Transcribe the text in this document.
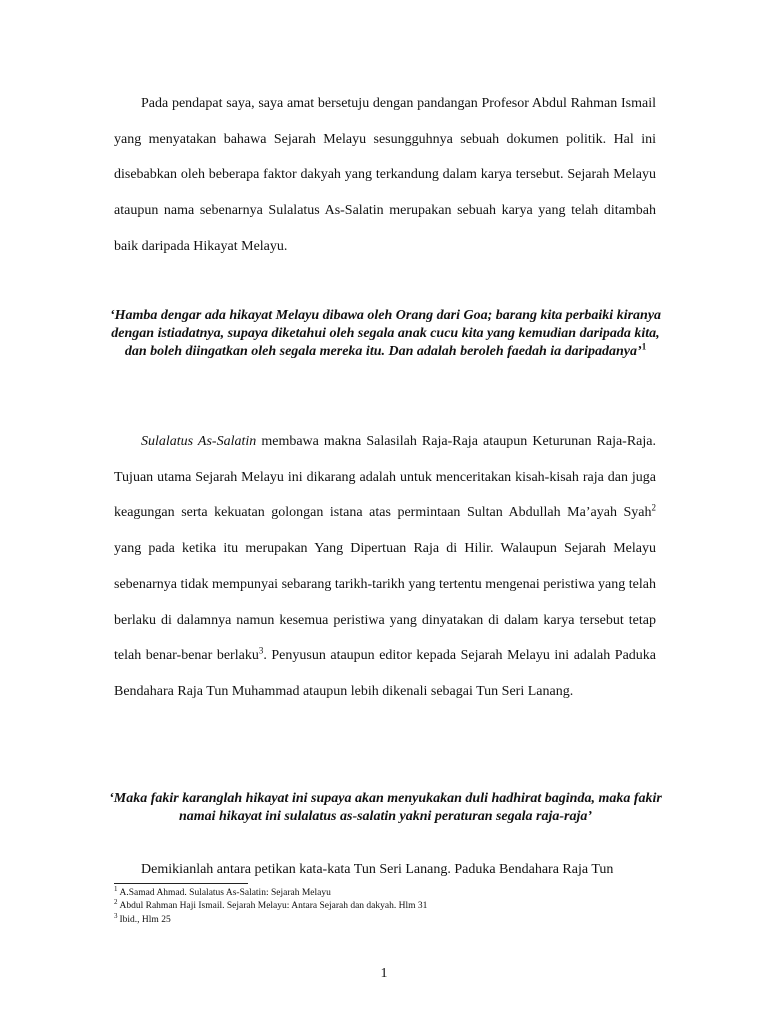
Pada pendapat saya, saya amat bersetuju dengan pandangan Profesor Abdul Rahman Ismail yang menyatakan bahawa Sejarah Melayu sesungguhnya sebuah dokumen politik. Hal ini disebabkan oleh beberapa faktor dakyah yang terkandung dalam karya tersebut. Sejarah Melayu ataupun nama sebenarnya Sulalatus As-Salatin merupakan sebuah karya yang telah ditambah baik daripada Hikayat Melayu.

‘Hamba dengar ada hikayat Melayu dibawa oleh Orang dari Goa; barang kita perbaiki kiranya dengan istiadatnya, supaya diketahui oleh segala anak cucu kita yang kemudian daripada kita, dan boleh diingatkan oleh segala mereka itu. Dan adalah beroleh faedah ia daripadanya’$^1$

Sulalatus As-Salatin membawa makna Salasilah Raja-Raja ataupun Keturunan Raja-Raja. Tujuan utama Sejarah Melayu ini dikarang adalah untuk menceritakan kisah-kisah raja dan juga keagungan serta kekuatan golongan istana atas permintaan Sultan Abdullah Ma’ayah Syah$^2$ yang pada ketika itu merupakan Yang Dipertuan Raja di Hilir. Walaupun Sejarah Melayu sebenarnya tidak mempunyai sebarang tarikh-tarikh yang tertentu mengenai peristiwa yang telah berlaku di dalamnya namun kesemua peristiwa yang dinyatakan di dalam karya tersebut tetap telah benar-benar berlaku$^3$. Penyusun ataupun editor kepada Sejarah Melayu ini adalah Paduka Bendahara Raja Tun Muhammad ataupun lebih dikenali sebagai Tun Seri Lanang.

‘Maka fakir karanglah hikayat ini supaya akan menyukakan duli hadhirat baginda, maka fakir namai hikayat ini sulalatus as-salatin yakni peraturan segala raja-raja’

Demikianlah antara petikan kata-kata Tun Seri Lanang. Paduka Bendahara Raja Tun

$^1$ A.Samad Ahmad. Sulalatus As-Salatin: Sejarah Melayu
$^2$ Abdul Rahman Haji Ismail. Sejarah Melayu: Antara Sejarah dan dakyah. Hlm 31
$^3$ Ibid., Hlm 25
1
